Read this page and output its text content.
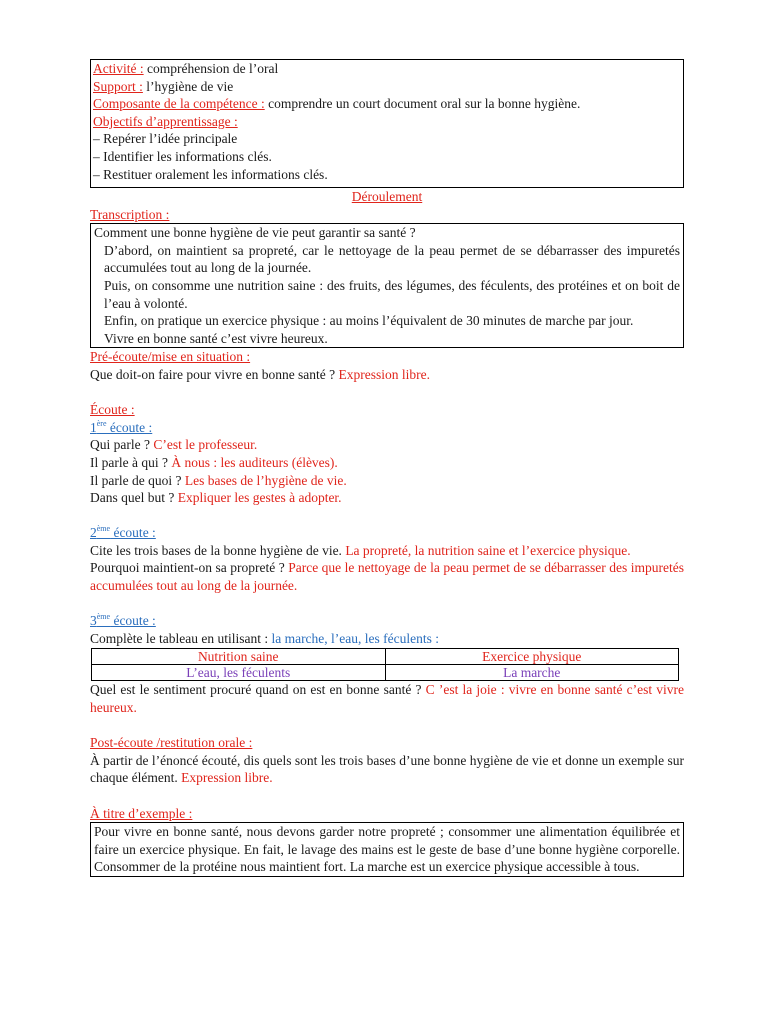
Activité : compréhension de l’oral
Support : l’hygiène de vie
Composante de la compétence : comprendre un court document oral sur la bonne hygiène.
Objectifs d’apprentissage :
– Repérer l’idée principale
– Identifier les informations clés.
– Restituer oralement les informations clés.
Déroulement
Transcription :
Comment une bonne hygiène de vie peut garantir sa santé ?
D’abord, on maintient sa propreté, car le nettoyage de la peau permet de se débarrasser des impuretés accumulées tout au long de la journée.
Puis, on consomme une nutrition saine : des fruits, des légumes, des féculents, des protéines et on boit de l’eau à volonté.
Enfin, on pratique un exercice physique : au moins l’équivalent de 30 minutes de marche par jour.
Vivre en bonne santé c’est vivre heureux.
Pré-écoute/mise en situation :
Que doit-on faire pour vivre en bonne santé ? Expression libre.
Écoute :
1ère écoute :
Qui parle ? C’est le professeur.
Il parle à qui ? À nous : les auditeurs (élèves).
Il parle de quoi ? Les bases de l’hygiène de vie.
Dans quel but ? Expliquer les gestes à adopter.
2ème écoute :
Cite les trois bases de la bonne hygiène de vie. La propreté, la nutrition saine et l’exercice physique.
Pourquoi maintient-on sa propreté ? Parce que le nettoyage de la peau permet de se débarrasser des impuretés accumulées tout au long de la journée.
3ème écoute :
Complète le tableau en utilisant : la marche, l’eau, les féculents :
Nutrition saine	Exercice physique
L’eau, les féculents	La marche
Quel est le sentiment procuré quand on est en bonne santé ? C ’est la joie : vivre en bonne santé c’est vivre heureux.
Post-écoute /restitution orale :
À partir de l’énoncé écouté, dis quels sont les trois bases d’une bonne hygiène de vie et donne un exemple sur chaque élément. Expression libre.
À titre d’exemple :
Pour vivre en bonne santé, nous devons garder notre propreté ; consommer une alimentation équilibrée et faire un exercice physique. En fait, le lavage des mains est le geste de base d’une bonne hygiène corporelle. Consommer de la protéine nous maintient fort. La marche est un exercice physique accessible à tous.
